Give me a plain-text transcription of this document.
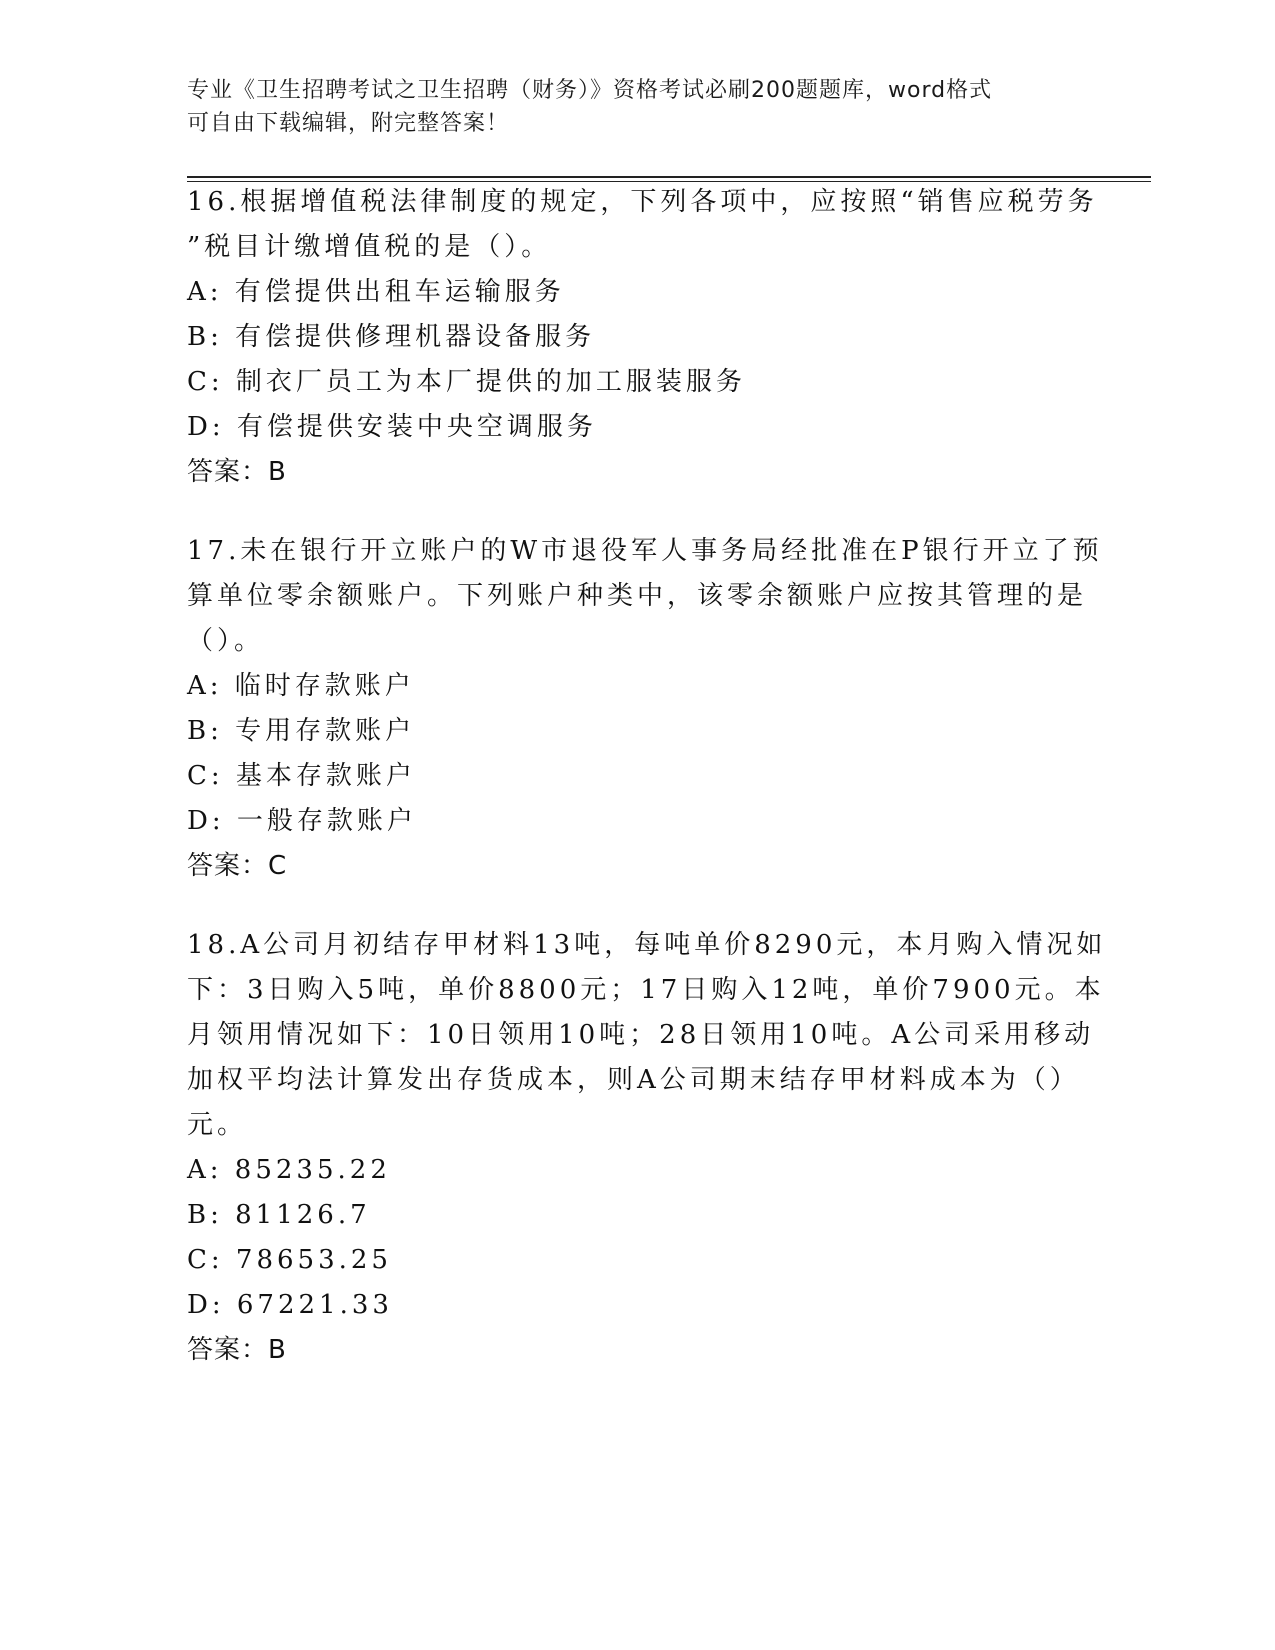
专业《卫生招聘考试之卫生招聘（财务）》资格考试必刷200题题库，word格式
可自由下载编辑，附完整答案！
16.根据增值税法律制度的规定，下列各项中，应按照“销售应税劳务
”税目计缴增值税的是（）。
A: 有偿提供出租车运输服务
B: 有偿提供修理机器设备服务
C: 制衣厂员工为本厂提供的加工服装服务
D: 有偿提供安装中央空调服务
答案：B
17.未在银行开立账户的W市退役军人事务局经批准在P银行开立了预
算单位零余额账户。下列账户种类中，该零余额账户应按其管理的是
（）。
A: 临时存款账户
B: 专用存款账户
C: 基本存款账户
D: 一般存款账户
答案：C
18.A公司月初结存甲材料13吨，每吨单价8290元，本月购入情况如
下：3日购入5吨，单价8800元；17日购入12吨，单价7900元。本
月领用情况如下：10日领用10吨；28日领用10吨。A公司采用移动
加权平均法计算发出存货成本，则A公司期末结存甲材料成本为（）
元。
A: 85235.22
B: 81126.7
C: 78653.25
D: 67221.33
答案：B
